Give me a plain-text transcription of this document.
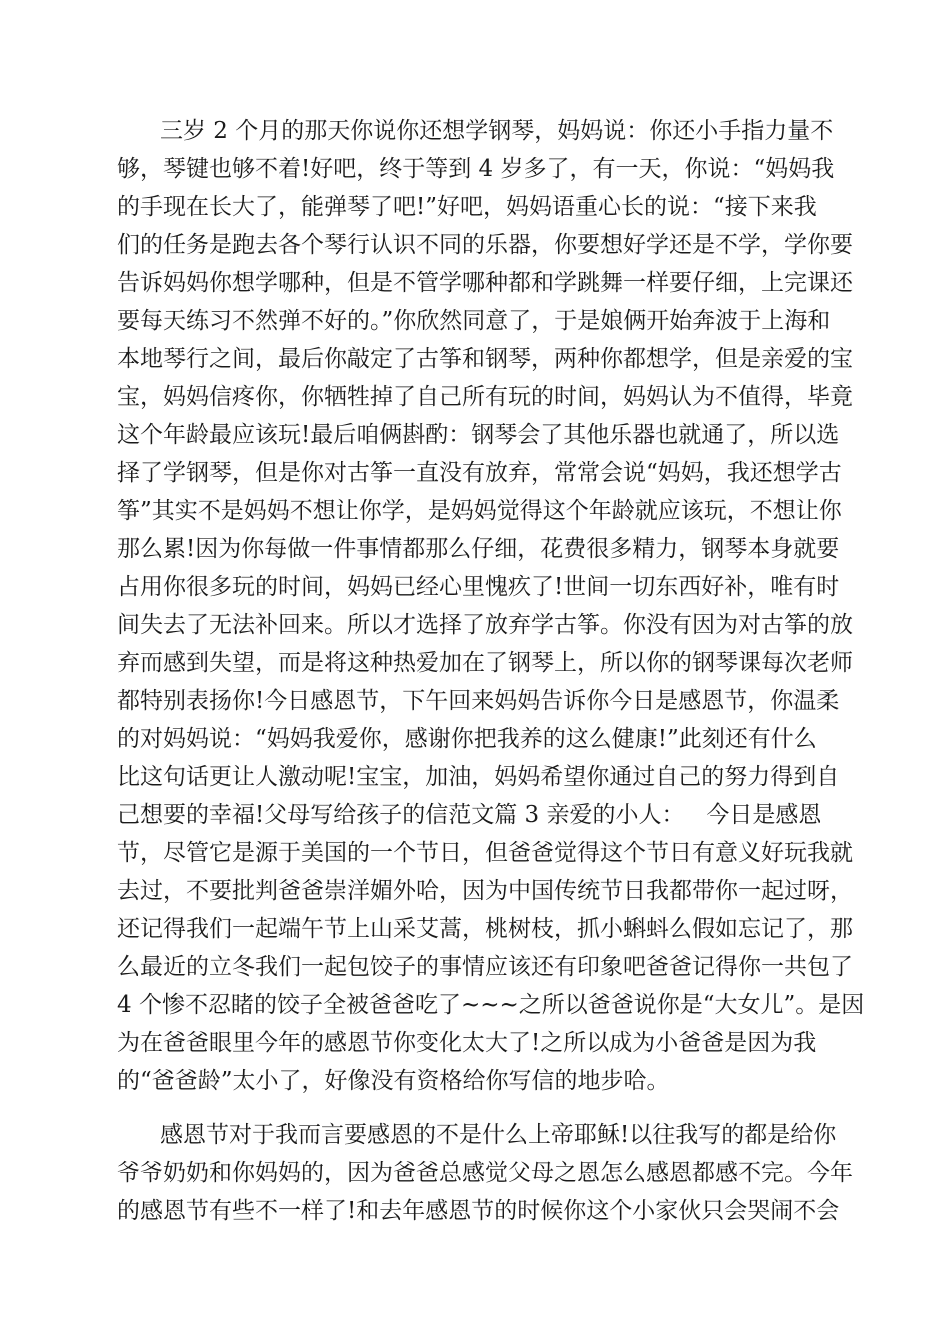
三岁 2 个月的那天你说你还想学钢琴，妈妈说：你还小手指力量不
够，琴键也够不着!好吧，终于等到 4 岁多了，有一天，你说：“妈妈我
的手现在长大了，能弹琴了吧!”好吧，妈妈语重心长的说：“接下来我
们的任务是跑去各个琴行认识不同的乐器，你要想好学还是不学，学你要
告诉妈妈你想学哪种，但是不管学哪种都和学跳舞一样要仔细，上完课还
要每天练习不然弹不好的。”你欣然同意了，于是娘俩开始奔波于上海和
本地琴行之间，最后你敲定了古筝和钢琴，两种你都想学，但是亲爱的宝
宝，妈妈信疼你，你牺牲掉了自己所有玩的时间，妈妈认为不值得，毕竟
这个年龄最应该玩!最后咱俩斟酌：钢琴会了其他乐器也就通了，所以选
择了学钢琴，但是你对古筝一直没有放弃，常常会说“妈妈，我还想学古
筝”其实不是妈妈不想让你学，是妈妈觉得这个年龄就应该玩，不想让你
那么累!因为你每做一件事情都那么仔细，花费很多精力，钢琴本身就要
占用你很多玩的时间，妈妈已经心里愧疚了!世间一切东西好补，唯有时
间失去了无法补回来。所以才选择了放弃学古筝。你没有因为对古筝的放
弃而感到失望，而是将这种热爱加在了钢琴上，所以你的钢琴课每次老师
都特别表扬你!今日感恩节，下午回来妈妈告诉你今日是感恩节，你温柔
的对妈妈说：“妈妈我爱你，感谢你把我养的这么健康!”此刻还有什么
比这句话更让人激动呢!宝宝，加油，妈妈希望你通过自己的努力得到自
己想要的幸福!父母写给孩子的信范文篇 3 亲爱的小人：   今日是感恩
节，尽管它是源于美国的一个节日，但爸爸觉得这个节日有意义好玩我就
去过，不要批判爸爸崇洋媚外哈，因为中国传统节日我都带你一起过呀，
还记得我们一起端午节上山采艾蒿，桃树枝，抓小蝌蚪么假如忘记了，那
么最近的立冬我们一起包饺子的事情应该还有印象吧爸爸记得你一共包了
4 个惨不忍睹的饺子全被爸爸吃了~~~之所以爸爸说你是“大女儿”。是因
为在爸爸眼里今年的感恩节你变化太大了!之所以成为小爸爸是因为我
的“爸爸龄”太小了，好像没有资格给你写信的地步哈。
感恩节对于我而言要感恩的不是什么上帝耶稣!以往我写的都是给你
爷爷奶奶和你妈妈的，因为爸爸总感觉父母之恩怎么感恩都感不完。今年
的感恩节有些不一样了!和去年感恩节的时候你这个小家伙只会哭闹不会
